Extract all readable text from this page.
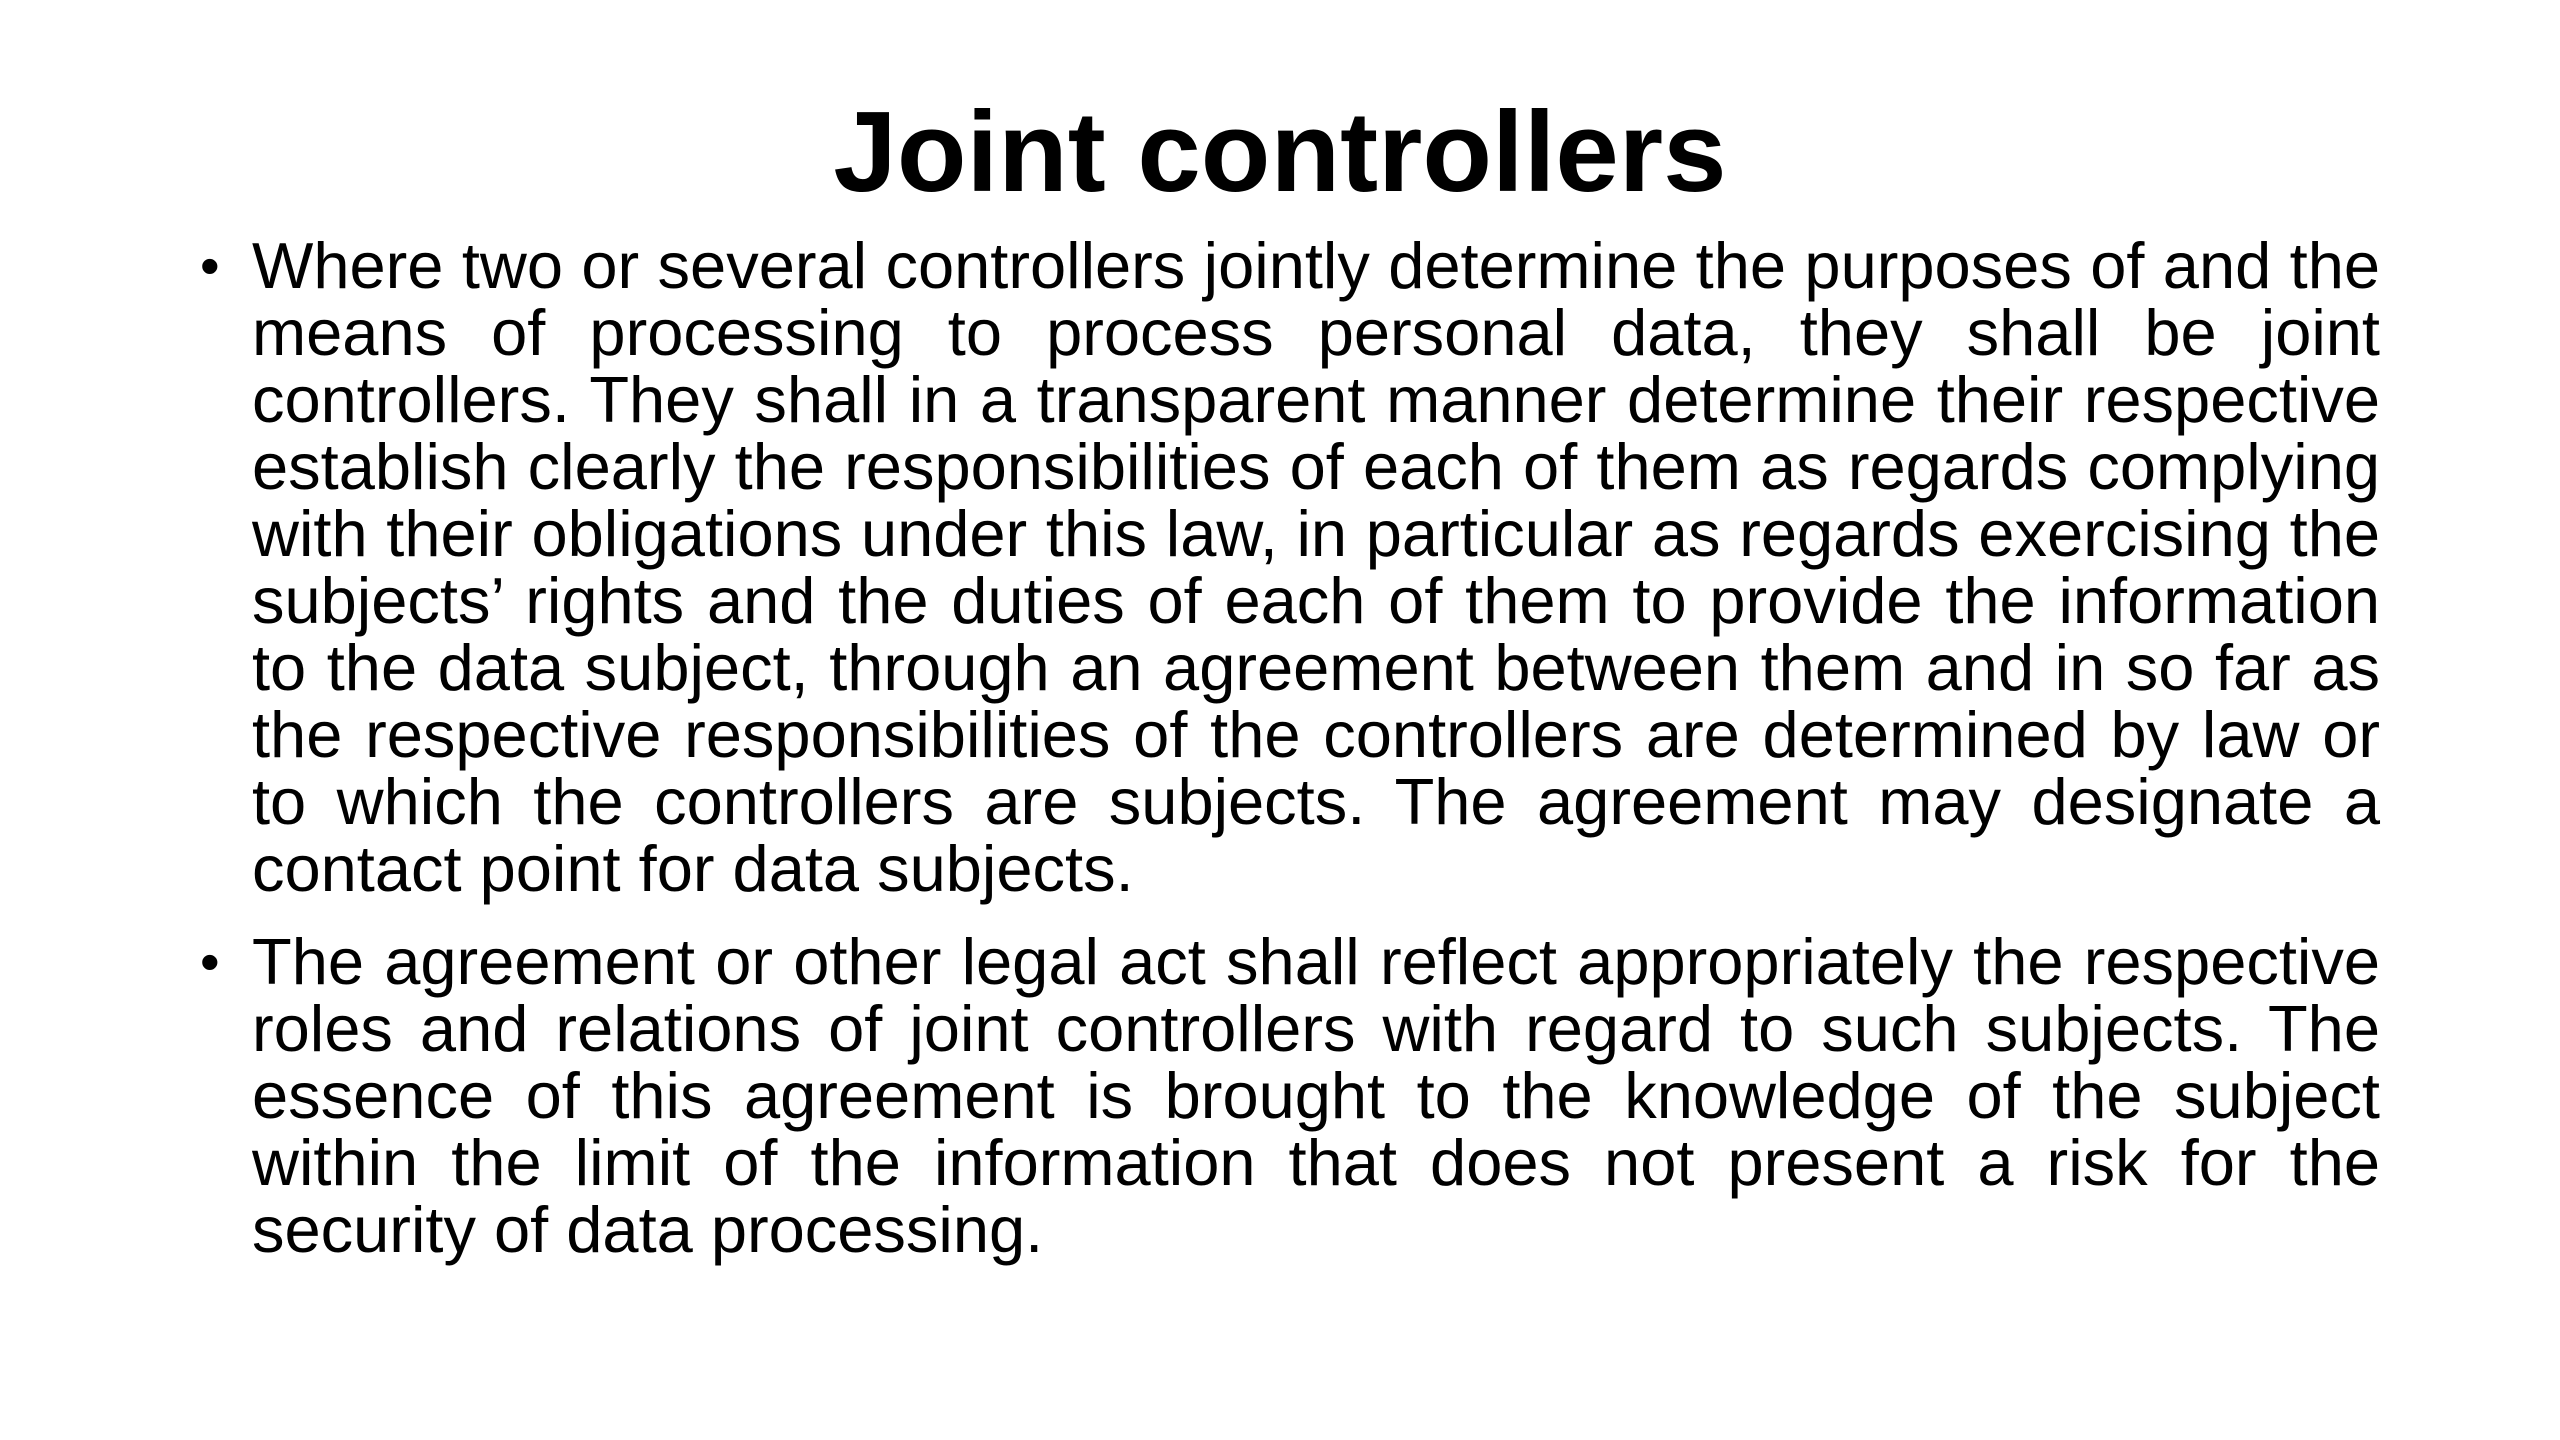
Joint controllers
• Where two or several controllers jointly determine the purposes of and the means of processing to process personal data, they shall be joint controllers. They shall in a transparent manner determine their respective establish clearly the responsibilities of each of them as regards complying with their obligations under this law, in particular as regards exercising the subjects’ rights and the duties of each of them to provide the information to the data subject, through an agreement between them and in so far as the respective responsibilities of the controllers are determined by law or to which the controllers are subjects. The agreement may designate a contact point for data subjects.
• The agreement or other legal act shall reflect appropriately the respective roles and relations of joint controllers with regard to such subjects. The essence of this agreement is brought to the knowledge of the subject within the limit of the information that does not present a risk for the security of data processing.
